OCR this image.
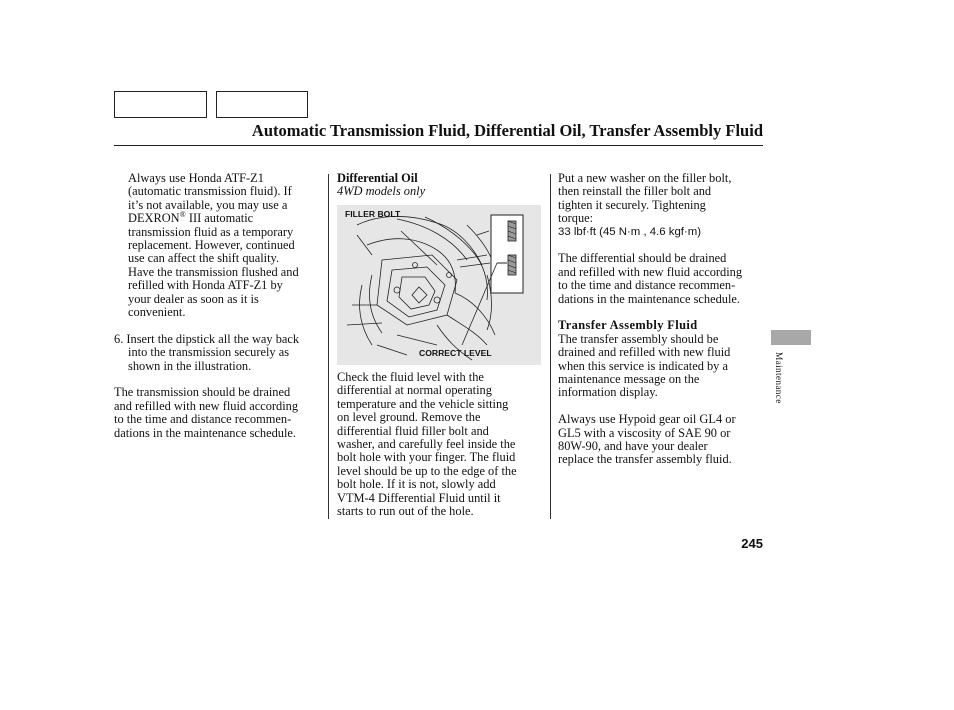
Automatic Transmission Fluid, Differential Oil, Transfer Assembly Fluid

Always use Honda ATF-Z1

(automatic transmission fluid). If

it’s not available, you may use a

DEXRON® III automatic

transmission fluid as a temporary

replacement. However, continued

use can affect the shift quality.

Have the transmission flushed and

refilled with Honda ATF-Z1 by

your dealer as soon as it is

convenient.

6. Insert the dipstick all the way back

into the transmission securely as

shown in the illustration.

The transmission should be drained

and refilled with new fluid according

to the time and distance recommen-

dations in the maintenance schedule.

Differential Oil

4WD models only

FILLER BOLT
CORRECT LEVEL

Check the fluid level with the

differential at normal operating

temperature and the vehicle sitting

on level ground. Remove the

differential fluid filler bolt and

washer, and carefully feel inside the

bolt hole with your finger. The fluid

level should be up to the edge of the

bolt hole. If it is not, slowly add

VTM-4 Differential Fluid until it

starts to run out of the hole.

Put a new washer on the filler bolt,

then reinstall the filler bolt and

tighten it securely. Tightening

torque:

33 lbf·ft (45 N·m , 4.6 kgf·m)

The differential should be drained

and refilled with new fluid according

to the time and distance recommen-

dations in the maintenance schedule.

Transfer Assembly Fluid

The transfer assembly should be

drained and refilled with new fluid

when this service is indicated by a

maintenance message on the

information display.

Always use Hypoid gear oil GL4 or

GL5 with a viscosity of SAE 90 or

80W-90, and have your dealer

replace the transfer assembly fluid.

Maintenance
245
